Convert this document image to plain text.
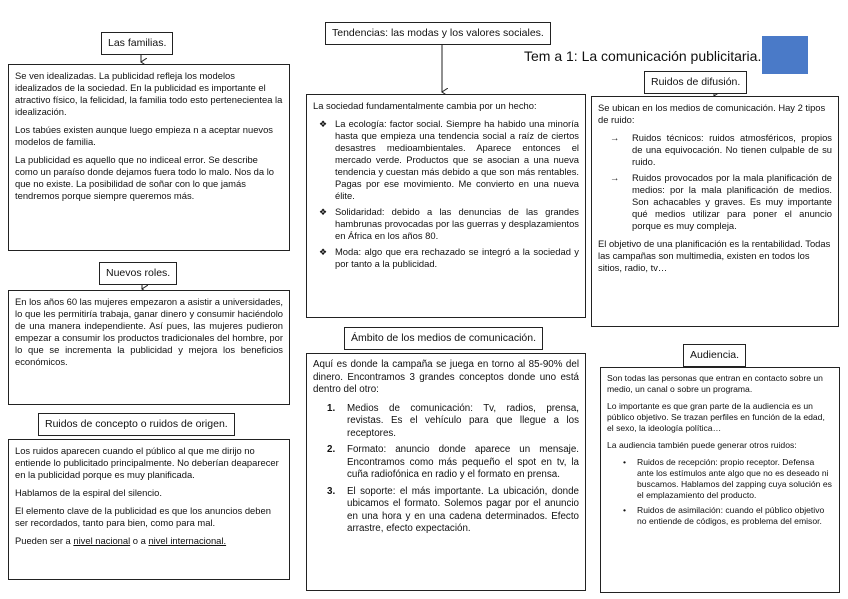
Tem a 1: La comunicación publicitaria.
Las familias.

Se ven idealizadas. La publicidad refleja los modelos idealizados de la sociedad. En la publicidad es importante el atractivo físico, la felicidad, la familia todo esto pertenecientea la idealización.

Los tabúes existen aunque luego empieza n a aceptar nuevos modelos de familia.

La publicidad es aquello que no indiceal error. Se describe como un paraíso donde dejamos fuera todo lo malo. Nos da lo que no existe. La posibilidad de soñar con lo que jamás tendremos porque siempre queremos más.

Nuevos roles.

En los años 60 las mujeres empezaron a asistir a universidades, lo que les permitiría trabaja, ganar dinero y consumir haciéndolo de una manera independiente. Así pues, las mujeres pudieron empezar a consumir los productos tradicionales del hombre, por lo que se incrementa la publicidad y mejora los beneficios económicos.

Ruidos de concepto o ruidos de origen.

Los ruidos aparecen cuando el público al que me dirijo no entiende lo publicitado principalmente. No deberían deaparecer en la publicidad porque es muy planificada.

Hablamos de la espiral del silencio.

El elemento clave de la publicidad es que los anuncios deben ser recordados, tanto para bien, como para mal.

Pueden ser a nivel nacional o a nivel internacional.

Tendencias: las modas y los valores sociales.

La sociedad fundamentalmente cambia por un hecho:

❖ La ecología: factor social. Siempre ha habido una minoría hasta que empieza una tendencia social a raíz de ciertos desastres medioambientales. Aparece entonces el mercado verde. Productos que se asocian a una nueva tendencia y cuestan más debido a que son más rentables. Pagas por ese movimiento. Me convierto en una nueva élite.
❖ Solidaridad: debido a las denuncias de las grandes hambrunas provocadas por las guerras y desplazamientos en África en los años 80.
❖ Moda: algo que era rechazado se integró a la sociedad y por tanto a la publicidad.
Ámbito de los medios de comunicación.

Aquí es donde la campaña se juega en torno al 85-90% del dinero. Encontramos 3 grandes conceptos donde uno está dentro del otro:

1. Medios de comunicación: Tv, radios, prensa, revistas. Es el vehículo para que llegue a los receptores.
2. Formato: anuncio donde aparece un mensaje. Encontramos como más pequeño el spot en tv, la cuña radiofónica en radio y el formato en prensa.
3. El soporte: el más importante. La ubicación, donde ubicamos el formato. Solemos pagar por el anuncio en una hora y en una cadena determinados. Efecto arrastre, efecto expectación.
Ruidos de difusión.

Se ubican en los medios de comunicación. Hay 2 tipos de ruido:

→ Ruidos técnicos: ruidos atmosféricos, propios de una equivocación. No tienen culpable de su ruido.
→ Ruidos provocados por la mala planificación de medios: por la mala planificación de medios. Son achacables y graves. Es muy importante qué medios utilizar para poner el anuncio porque es muy compleja.

El objetivo de una planificación es la rentabilidad. Todas las campañas son multimedia, existen en todos los sitios, radio, tv…

Audiencia.

Son todas las personas que entran en contacto sobre un medio, un canal o sobre un programa.

Lo importante es que gran parte de la audiencia es un público objetivo. Se trazan perfiles en función de la edad, el sexo, la ideología política…

La audiencia también puede generar otros ruidos:

• Ruidos de recepción: propio receptor. Defensa ante los estímulos ante algo que no es deseado ni buscamos. Hablamos del zapping cuya solución es el emplazamiento del producto.
• Ruidos de asimilación: cuando el público objetivo no entiende de códigos, es problema del emisor.
